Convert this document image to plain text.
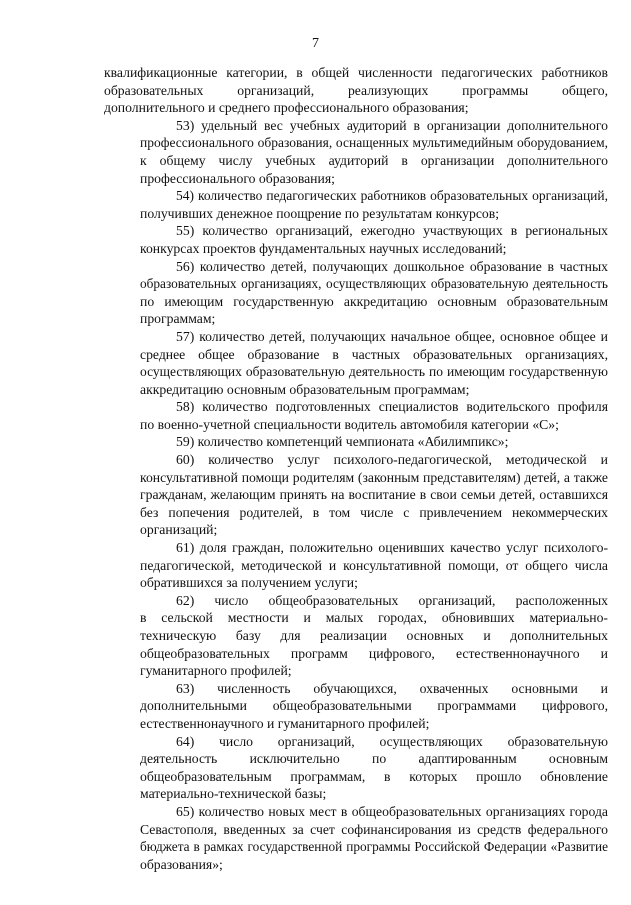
7
квалификационные категории, в общей численности педагогических работников
образовательных организаций, реализующих программы общего,
дополнительного и среднего профессионального образования;
53) удельный вес учебных аудиторий в организации дополнительного
профессионального образования, оснащенных мультимедийным оборудованием,
к общему числу учебных аудиторий в организации дополнительного
профессионального образования;
54) количество педагогических работников образовательных организаций,
получивших денежное поощрение по результатам конкурсов;
55) количество организаций, ежегодно участвующих в региональных
конкурсах проектов фундаментальных научных исследований;
56) количество детей, получающих дошкольное образование в частных
образовательных организациях, осуществляющих образовательную деятельность
по имеющим государственную аккредитацию основным образовательным
программам;
57) количество детей, получающих начальное общее, основное общее и
среднее общее образование в частных образовательных организациях,
осуществляющих образовательную деятельность по имеющим государственную
аккредитацию основным образовательным программам;
58) количество подготовленных специалистов водительского профиля
по военно-учетной специальности водитель автомобиля категории «С»;
59) количество компетенций чемпионата «Абилимпикс»;
60) количество услуг психолого-педагогической, методической и
консультативной помощи родителям (законным представителям) детей, а также
гражданам, желающим принять на воспитание в свои семьи детей, оставшихся
без попечения родителей, в том числе с привлечением некоммерческих
организаций;
61) доля граждан, положительно оценивших качество услуг психолого-
педагогической, методической и консультативной помощи, от общего числа
обратившихся за получением услуги;
62) число общеобразовательных организаций, расположенных
в сельской местности и малых городах, обновивших материально-
техническую базу для реализации основных и дополнительных
общеобразовательных программ цифрового, естественнонаучного и
гуманитарного профилей;
63) численность обучающихся, охваченных основными и
дополнительными общеобразовательными программами цифрового,
естественнонаучного и гуманитарного профилей;
64) число организаций, осуществляющих образовательную
деятельность исключительно по адаптированным основным
общеобразовательным программам, в которых прошло обновление
материально-технической базы;
65) количество новых мест в общеобразовательных организациях города
Севастополя, введенных за счет софинансирования из средств федерального
бюджета в рамках государственной программы Российской Федерации «Развитие
образования»;
